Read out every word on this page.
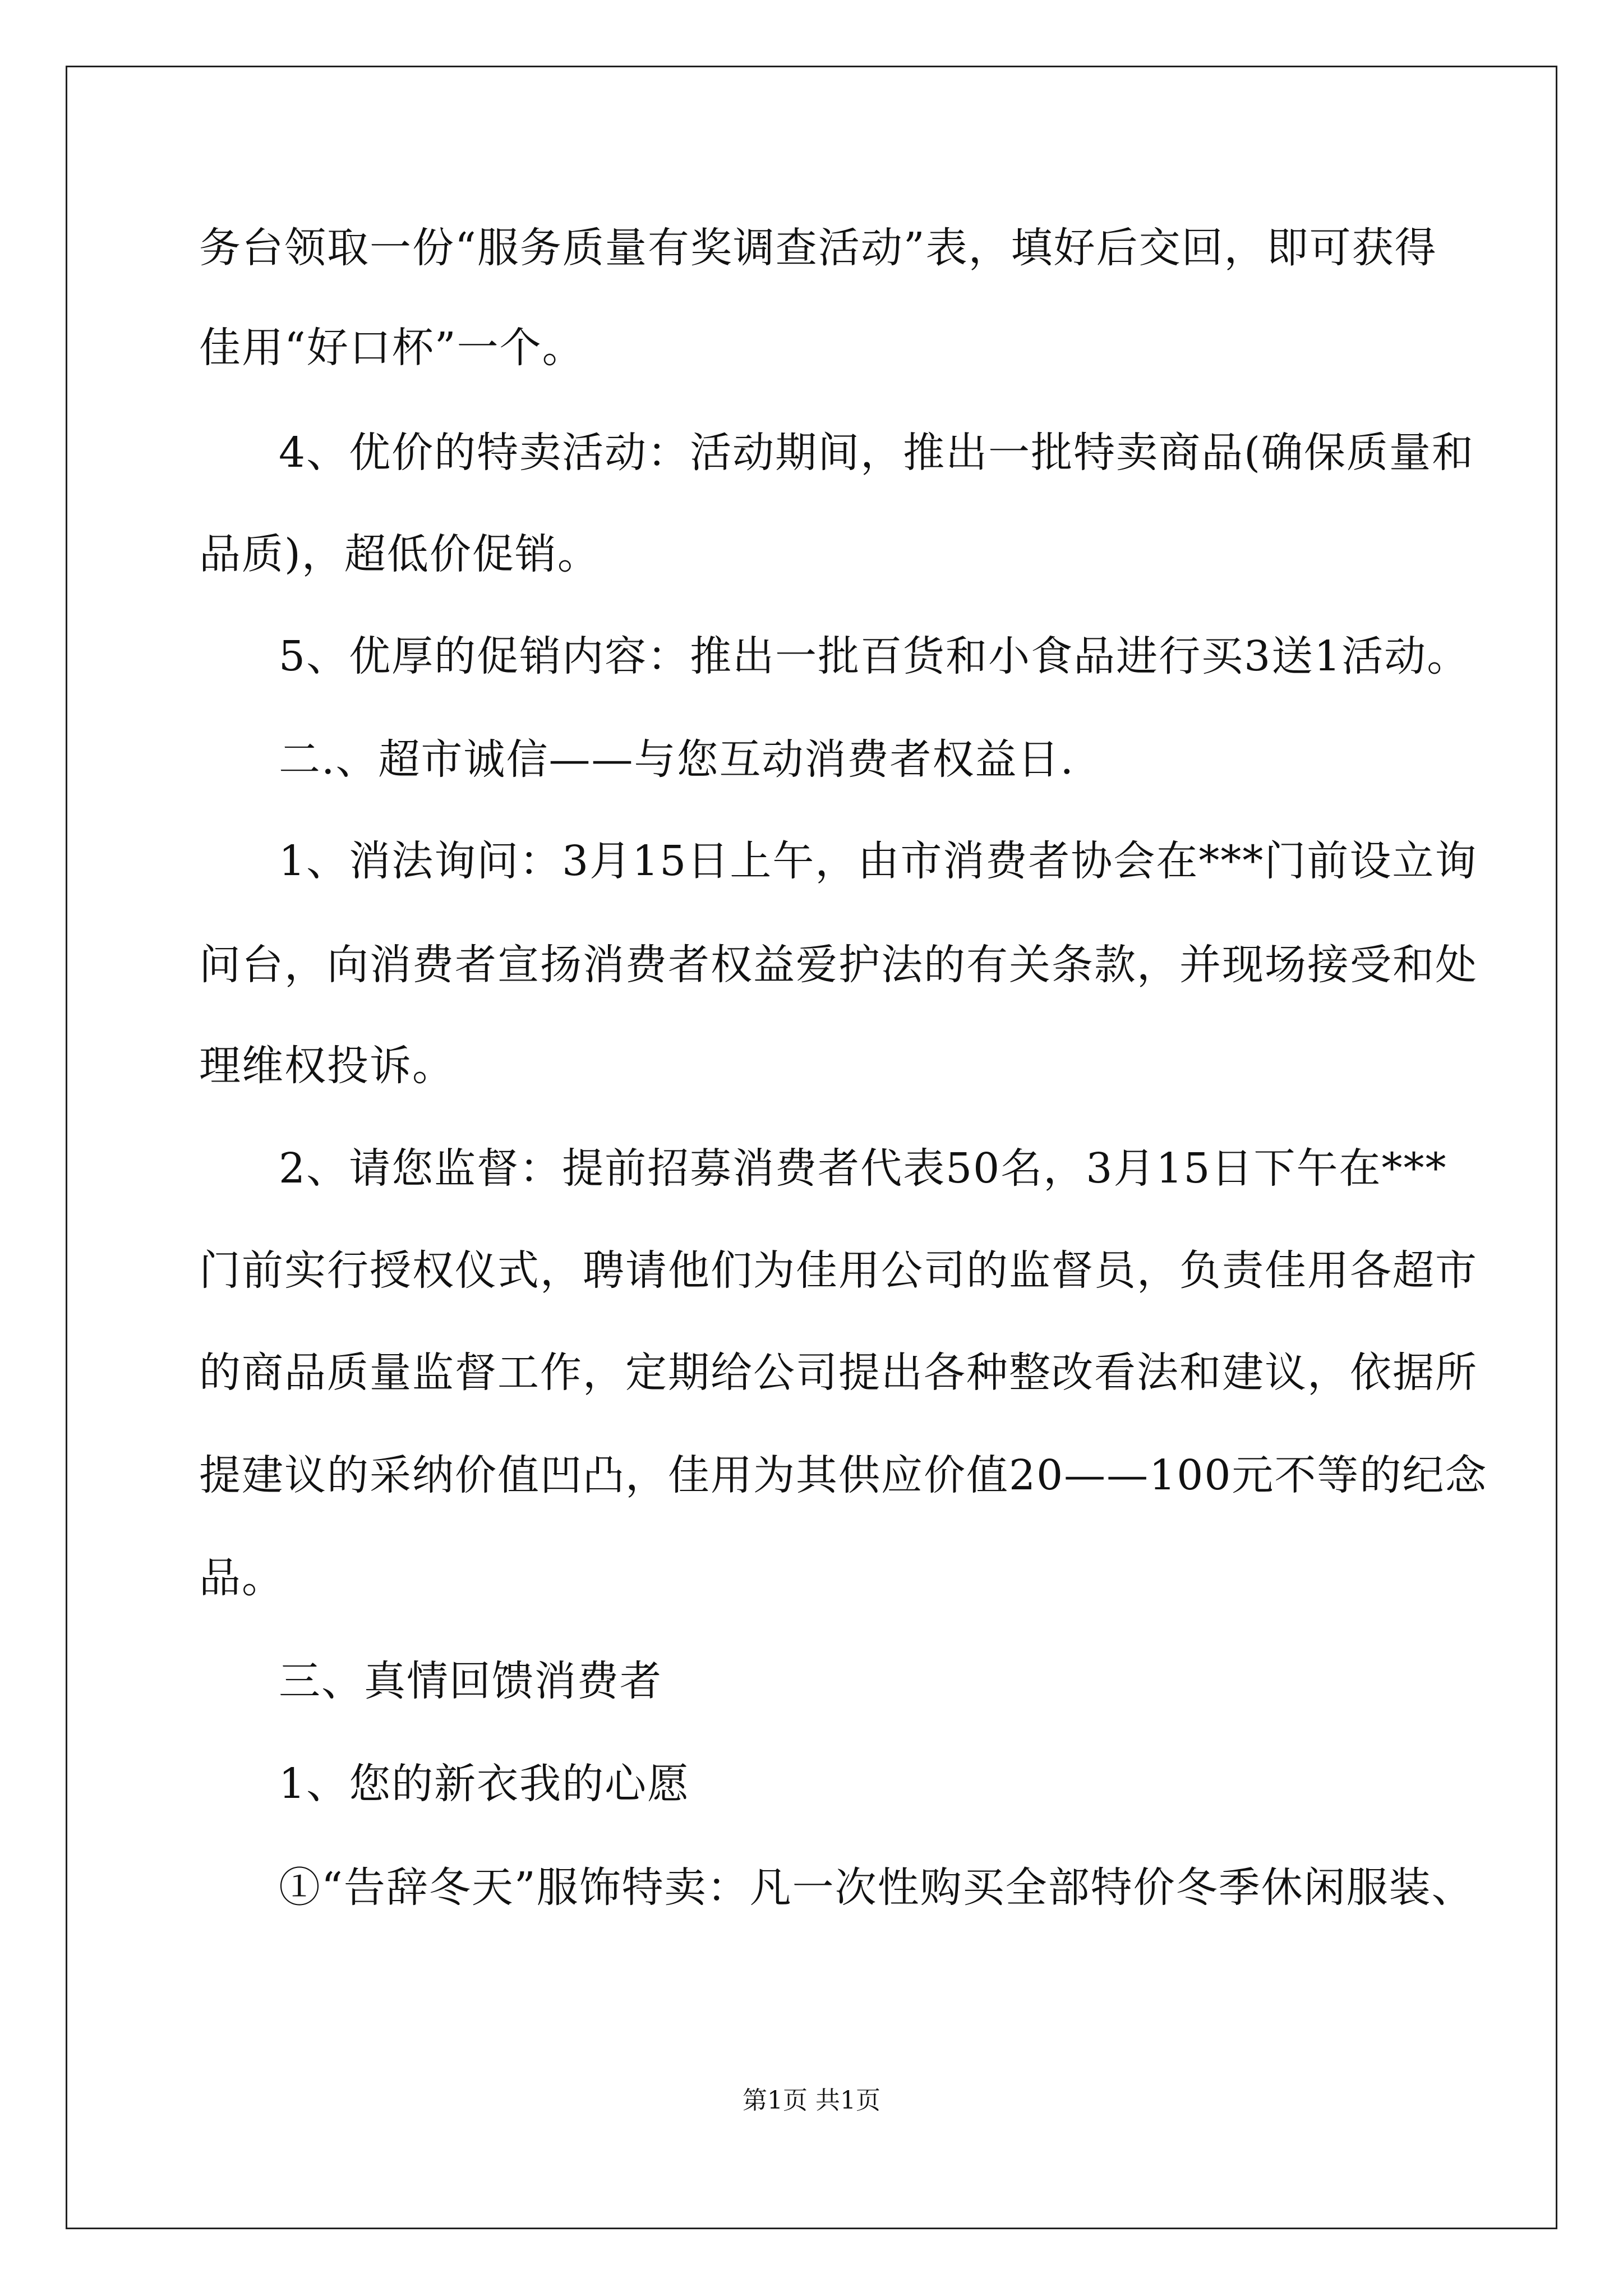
务台领取一份“服务质量有奖调查活动”表，填好后交回，即可获得
佳用“好口杯”一个。
4、优价的特卖活动：活动期间，推出一批特卖商品(确保质量和
品质)，超低价促销。
5、优厚的促销内容：推出一批百货和小食品进行买3送1活动。
二.、超市诚信——与您互动消费者权益日.
1、消法询问：3月15日上午，由市消费者协会在***门前设立询
问台，向消费者宣扬消费者权益爱护法的有关条款，并现场接受和处
理维权投诉。
2、请您监督：提前招募消费者代表50名，3月15日下午在***
门前实行授权仪式，聘请他们为佳用公司的监督员，负责佳用各超市
的商品质量监督工作，定期给公司提出各种整改看法和建议，依据所
提建议的采纳价值凹凸，佳用为其供应价值20——100元不等的纪念
品。
三、真情回馈消费者
1、您的新衣我的心愿
①“告辞冬天”服饰特卖：凡一次性购买全部特价冬季休闲服装、
第1页 共1页
